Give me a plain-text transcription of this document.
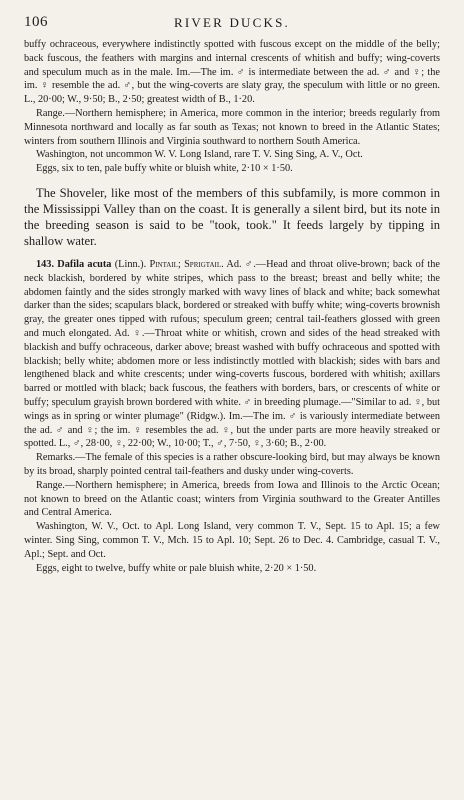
106	RIVER DUCKS.

buffy ochraceous, everywhere indistinctly spotted with fuscous except on the middle of the belly; back fuscous, the feathers with margins and internal crescents of whitish and buffy; wing-coverts and speculum much as in the male. Im.—The im. ♂ is intermediate between the ad. ♂ and ♀; the im. ♀ resemble the ad. ♂, but the wing-coverts are slaty gray, the speculum with little or no green. L., 20·00; W., 9·50; B., 2·50; greatest width of B., 1·20.

Range.—Northern hemisphere; in America, more common in the interior; breeds regularly from Minnesota northward and locally as far south as Texas; not known to breed in the Atlantic States; winters from southern Illinois and Virginia southward to northern South America.

Washington, not uncommon W. V. Long Island, rare T. V. Sing Sing, A. V., Oct.

Eggs, six to ten, pale buffy white or bluish white, 2·10 × 1·50.

The Shoveler, like most of the members of this subfamily, is more common in the Mississippi Valley than on the coast. It is generally a silent bird, but its note in the breeding season is said to be "took, took." It feeds largely by tipping in shallow water.

143. Dafila acuta (Linn.). Pintail; Sprigtail. Ad. ♂.—Head and throat olive-brown; back of the neck blackish, bordered by white stripes, which pass to the breast; breast and belly white; the abdomen faintly and the sides strongly marked with wavy lines of black and white; back somewhat darker than the sides; scapulars black, bordered or streaked with buffy white; wing-coverts brownish gray, the greater ones tipped with rufous; speculum green; central tail-feathers glossed with green and much elongated. Ad. ♀.—Throat white or whitish, crown and sides of the head streaked with blackish and buffy ochraceous, darker above; breast washed with buffy ochraceous and spotted with blackish; belly white; abdomen more or less indistinctly mottled with blackish; sides with bars and lengthened black and white crescents; under wing-coverts fuscous, bordered with whitish; axillars barred or mottled with black; back fuscous, the feathers with borders, bars, or crescents of white or buffy; speculum grayish brown bordered with white. ♂ in breeding plumage.—"Similar to ad. ♀, but wings as in spring or winter plumage" (Ridgw.). Im.—The im. ♂ is variously intermediate between the ad. ♂ and ♀; the im. ♀ resembles the ad. ♀, but the under parts are more heavily streaked or spotted. L., ♂, 28·00, ♀, 22·00; W., 10·00; T., ♂, 7·50, ♀, 3·60; B., 2·00.

Remarks.—The female of this species is a rather obscure-looking bird, but may always be known by its broad, sharply pointed central tail-feathers and dusky under wing-coverts.

Range.—Northern hemisphere; in America, breeds from Iowa and Illinois to the Arctic Ocean; not known to breed on the Atlantic coast; winters from Virginia southward to the Greater Antilles and Central America.

Washington, W. V., Oct. to Apl. Long Island, very common T. V., Sept. 15 to Apl. 15; a few winter. Sing Sing, common T. V., Mch. 15 to Apl. 10; Sept. 26 to Dec. 4. Cambridge, casual T. V., Apl.; Sept. and Oct.

Eggs, eight to twelve, buffy white or pale bluish white, 2·20 × 1·50.
